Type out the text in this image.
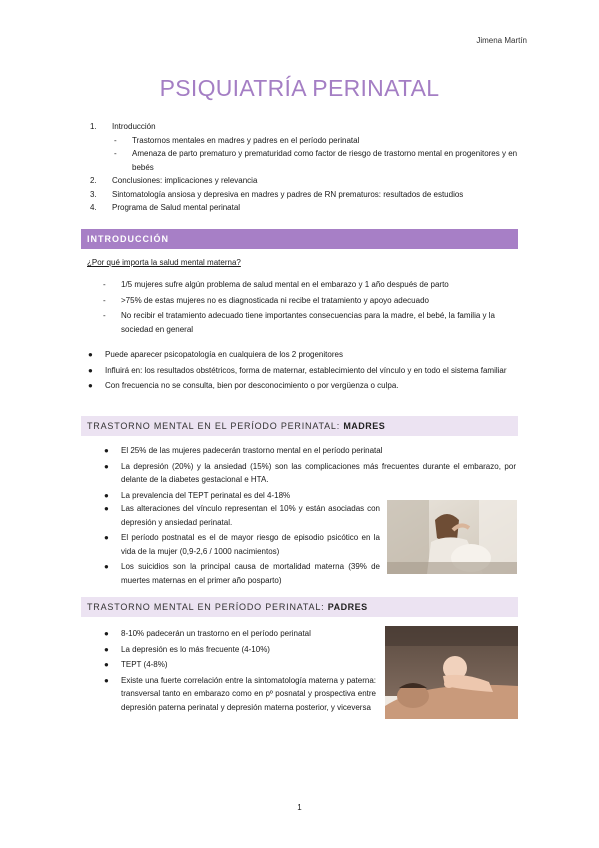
Jimena Martín
PSIQUIATRÍA PERINATAL
1. Introducción
- Trastornos mentales en madres y padres en el período perinatal
- Amenaza de parto prematuro y prematuridad como factor de riesgo de trastorno mental en progenitores y en bebés
2. Conclusiones: implicaciones y relevancia
3. Sintomatología ansiosa y depresiva en madres y padres de RN prematuros: resultados de estudios
4. Programa de Salud mental perinatal
INTRODUCCIÓN
¿Por qué importa la salud mental materna?
- 1/5 mujeres sufre algún problema de salud mental en el embarazo y 1 año después de parto
- >75% de estas mujeres no es diagnosticada ni recibe el tratamiento y apoyo adecuado
- No recibir el tratamiento adecuado tiene importantes consecuencias para la madre, el bebé, la familia y la sociedad en general
● Puede aparecer psicopatología en cualquiera de los 2 progenitores
● Influirá en: los resultados obstétricos, forma de maternar, establecimiento del vínculo y en todo el sistema familiar
● Con frecuencia no se consulta, bien por desconocimiento o por vergüenza o culpa.
TRASTORNO MENTAL EN EL PERÍODO PERINATAL: MADRES
● El 25% de las mujeres padecerán trastorno mental en el período perinatal
● La depresión (20%) y la ansiedad (15%) son las complicaciones más frecuentes durante el embarazo, por delante de la diabetes gestacional e HTA.
● La prevalencia del TEPT perinatal es del 4-18%
● Las alteraciones del vínculo representan el 10% y están asociadas con depresión y ansiedad perinatal.
● El período postnatal es el de mayor riesgo de episodio psicótico en la vida de la mujer (0,9-2,6 / 1000 nacimientos)
● Los suicidios son la principal causa de mortalidad materna (39% de muertes maternas en el primer año posparto)
TRASTORNO MENTAL EN PERÍODO PERINATAL: PADRES
● 8-10% padecerán un trastorno en el período perinatal
● La depresión es lo más frecuente (4-10%)
● TEPT (4-8%)
● Existe una fuerte correlación entre la sintomatología materna y paterna: transversal tanto en embarazo como en pº posnatal y prospectiva entre depresión paterna perinatal y depresión materna posterior, y viceversa
1
